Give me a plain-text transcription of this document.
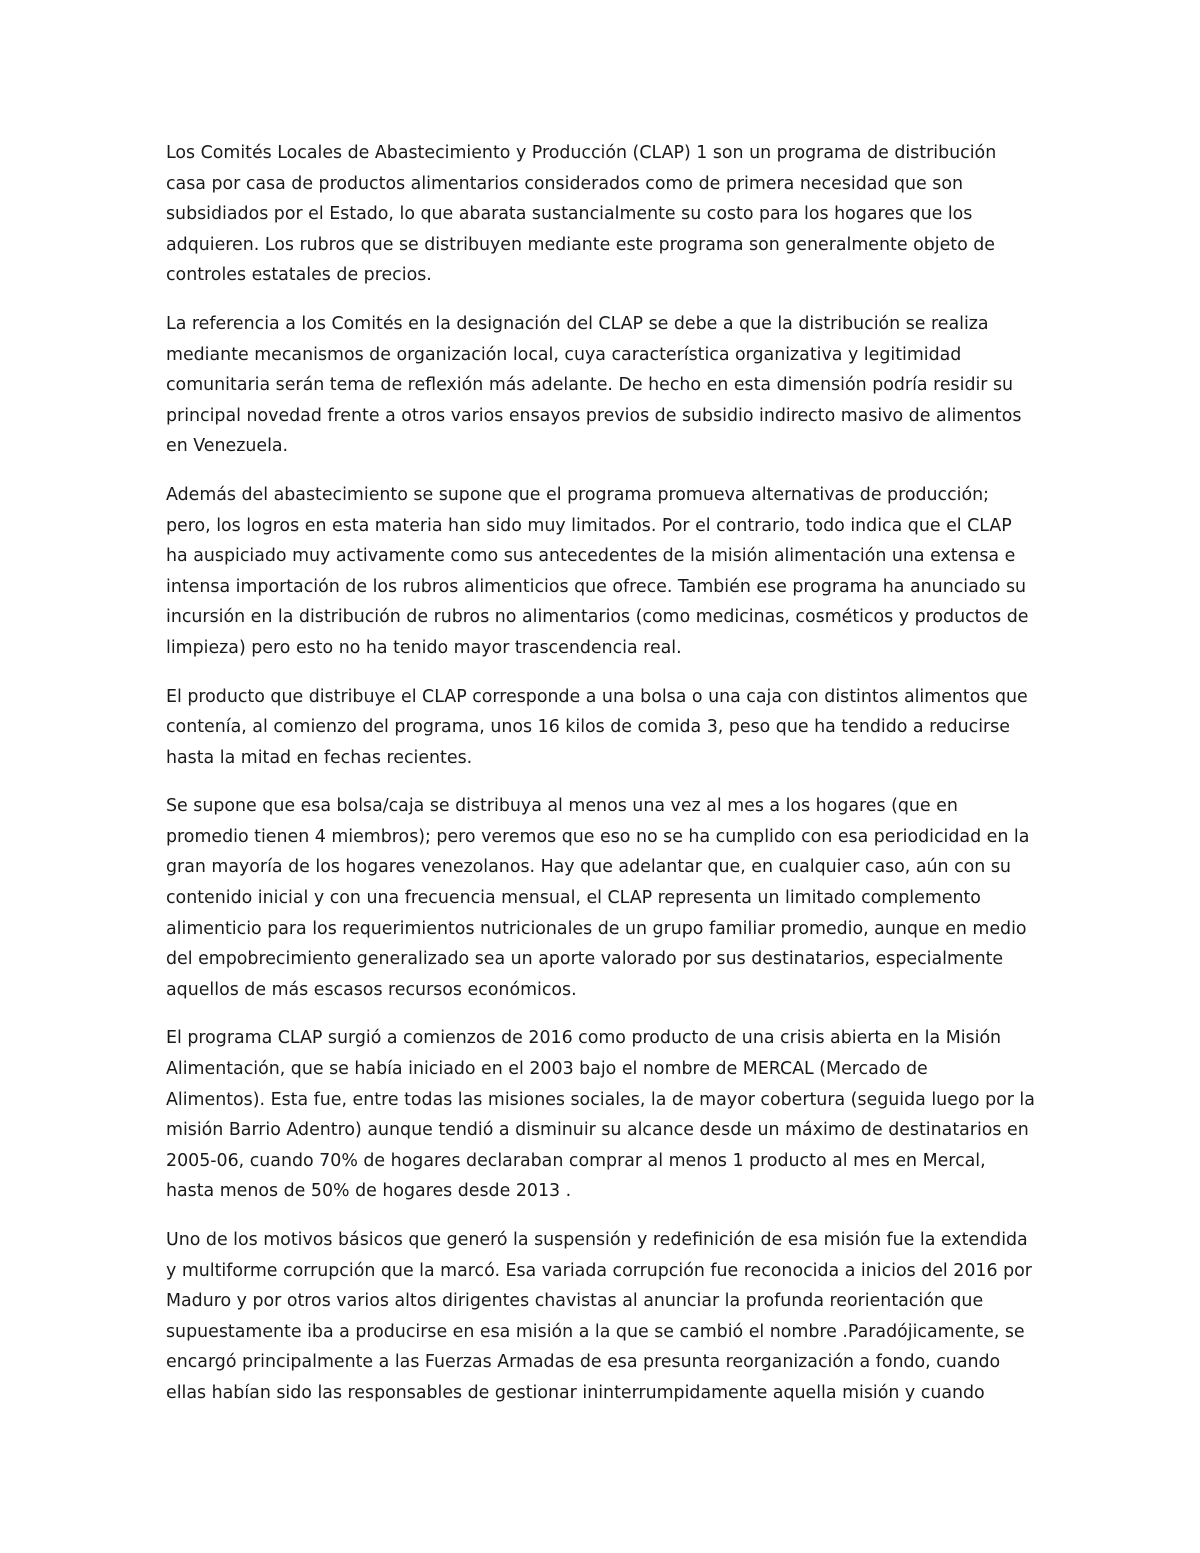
Los Comités Locales de Abastecimiento y Producción (CLAP) 1 son un programa de distribución
casa por casa de productos alimentarios considerados como de primera necesidad que son
subsidiados por el Estado, lo que abarata sustancialmente su costo para los hogares que los
adquieren. Los rubros que se distribuyen mediante este programa son generalmente objeto de
controles estatales de precios.
La referencia a los Comités en la designación del CLAP se debe a que la distribución se realiza
mediante mecanismos de organización local, cuya característica organizativa y legitimidad
comunitaria serán tema de reflexión más adelante. De hecho en esta dimensión podría residir su
principal novedad frente a otros varios ensayos previos de subsidio indirecto masivo de alimentos
en Venezuela.
Además del abastecimiento se supone que el programa promueva alternativas de producción;
pero, los logros en esta materia han sido muy limitados. Por el contrario, todo indica que el CLAP
ha auspiciado muy activamente como sus antecedentes de la misión alimentación una extensa e
intensa importación de los rubros alimenticios que ofrece. También ese programa ha anunciado su
incursión en la distribución de rubros no alimentarios (como medicinas, cosméticos y productos de
limpieza) pero esto no ha tenido mayor trascendencia real.
El producto que distribuye el CLAP corresponde a una bolsa o una caja con distintos alimentos que
contenía, al comienzo del programa, unos 16 kilos de comida 3, peso que ha tendido a reducirse
hasta la mitad en fechas recientes.
Se supone que esa bolsa/caja se distribuya al menos una vez al mes a los hogares (que en
promedio tienen 4 miembros); pero veremos que eso no se ha cumplido con esa periodicidad en la
gran mayoría de los hogares venezolanos. Hay que adelantar que, en cualquier caso, aún con su
contenido inicial y con una frecuencia mensual, el CLAP representa un limitado complemento
alimenticio para los requerimientos nutricionales de un grupo familiar promedio, aunque en medio
del empobrecimiento generalizado sea un aporte valorado por sus destinatarios, especialmente
aquellos de más escasos recursos económicos.
El programa CLAP surgió a comienzos de 2016 como producto de una crisis abierta en la Misión
Alimentación, que se había iniciado en el 2003 bajo el nombre de MERCAL (Mercado de
Alimentos). Esta fue, entre todas las misiones sociales, la de mayor cobertura (seguida luego por la
misión Barrio Adentro) aunque tendió a disminuir su alcance desde un máximo de destinatarios en
2005-06, cuando 70% de hogares declaraban comprar al menos 1 producto al mes en Mercal,
hasta menos de 50% de hogares desde 2013 .
Uno de los motivos básicos que generó la suspensión y redefinición de esa misión fue la extendida
y multiforme corrupción que la marcó. Esa variada corrupción fue reconocida a inicios del 2016 por
Maduro y por otros varios altos dirigentes chavistas al anunciar la profunda reorientación que
supuestamente iba a producirse en esa misión a la que se cambió el nombre .Paradójicamente, se
encargó principalmente a las Fuerzas Armadas de esa presunta reorganización a fondo, cuando
ellas habían sido las responsables de gestionar ininterrumpidamente aquella misión y cuando
